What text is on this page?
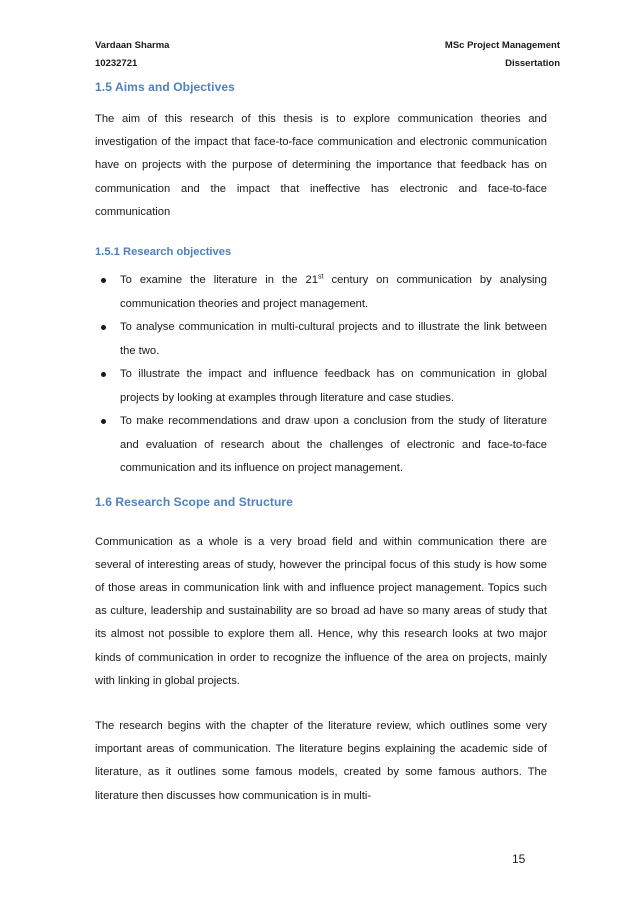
Vardaan Sharma	MSc Project Management
10232721	Dissertation
1.5 Aims and Objectives

The aim of this research of this thesis is to explore communication theories and investigation of the impact that face-to-face communication and electronic communication have on projects with the purpose of determining the importance that feedback has on communication and the impact that ineffective has electronic and face-to-face communication

1.5.1 Research objectives
To examine the literature in the 21st century on communication by analysing communication theories and project management.
To analyse communication in multi-cultural projects and to illustrate the link between the two.
To illustrate the impact and influence feedback has on communication in global projects by looking at examples through literature and case studies.
To make recommendations and draw upon a conclusion from the study of literature and evaluation of research about the challenges of electronic and face-to-face communication and its influence on project management.
1.6 Research Scope and Structure

Communication as a whole is a very broad field and within communication there are several of interesting areas of study, however the principal focus of this study is how some of those areas in communication link with and influence project management. Topics such as culture, leadership and sustainability are so broad ad have so many areas of study that its almost not possible to explore them all. Hence, why this research looks at two major kinds of communication in order to recognize the influence of the area on projects, mainly with linking in global projects.

The research begins with the chapter of the literature review, which outlines some very important areas of communication. The literature begins explaining the academic side of literature, as it outlines some famous models, created by some famous authors. The literature then discusses how communication is in multi-

15
